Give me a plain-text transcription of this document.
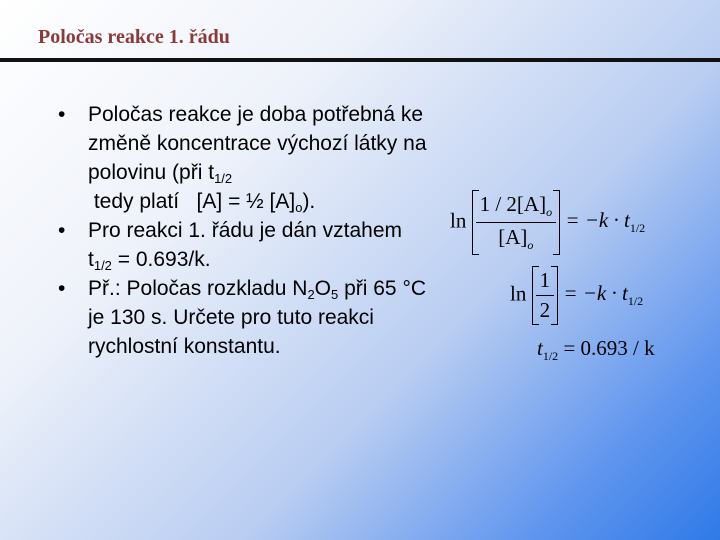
Poločas reakce 1. řádu
• Poločas reakce je doba potřebná ke změně koncentrace výchozí látky na polovinu (při $t_{1/2}$ tedy platí   [A] = ½ $[A]_o$).
• Pro reakci 1. řádu je dán vztahem $t_{1/2} = 0.693/k$.
• Př.: Poločas rozkladu $N_2O_5$ při 65 °C je 130 s. Určete pro tuto reakci rychlostní konstantu.
$\ln \frac{1 / 2[A]_o}{[A]_o} = -k \cdot t_{1/2}$
$\ln \frac{1}{2} = -k \cdot t_{1/2}$
$t_{1/2} = 0.693 / k$
